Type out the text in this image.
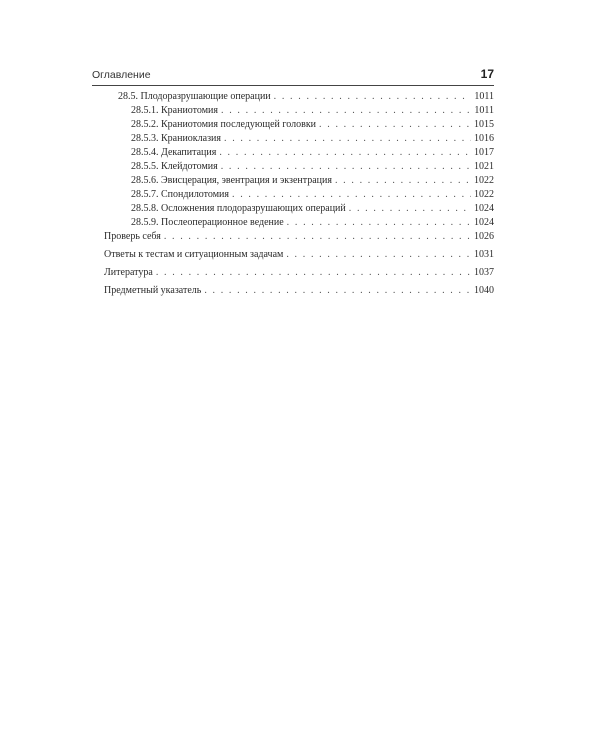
Оглавление	17
28.5. Плодоразрушающие операции . . .	1011
28.5.1. Краниотомия . . .	1011
28.5.2. Краниотомия последующей головки . . .	1015
28.5.3. Краниоклазия . . .	1016
28.5.4. Декапитация . . .	1017
28.5.5. Клейдотомия . . .	1021
28.5.6. Эвисцерация, эвентрация и экзентрация . . .	1022
28.5.7. Спондилотомия . . .	1022
28.5.8. Осложнения плодоразрушающих операций . . .	1024
28.5.9. Послеоперационное ведение . . .	1024
Проверь себя . . .	1026
Ответы к тестам и ситуационным задачам . . .	1031
Литература . . .	1037
Предметный указатель . . .	1040
